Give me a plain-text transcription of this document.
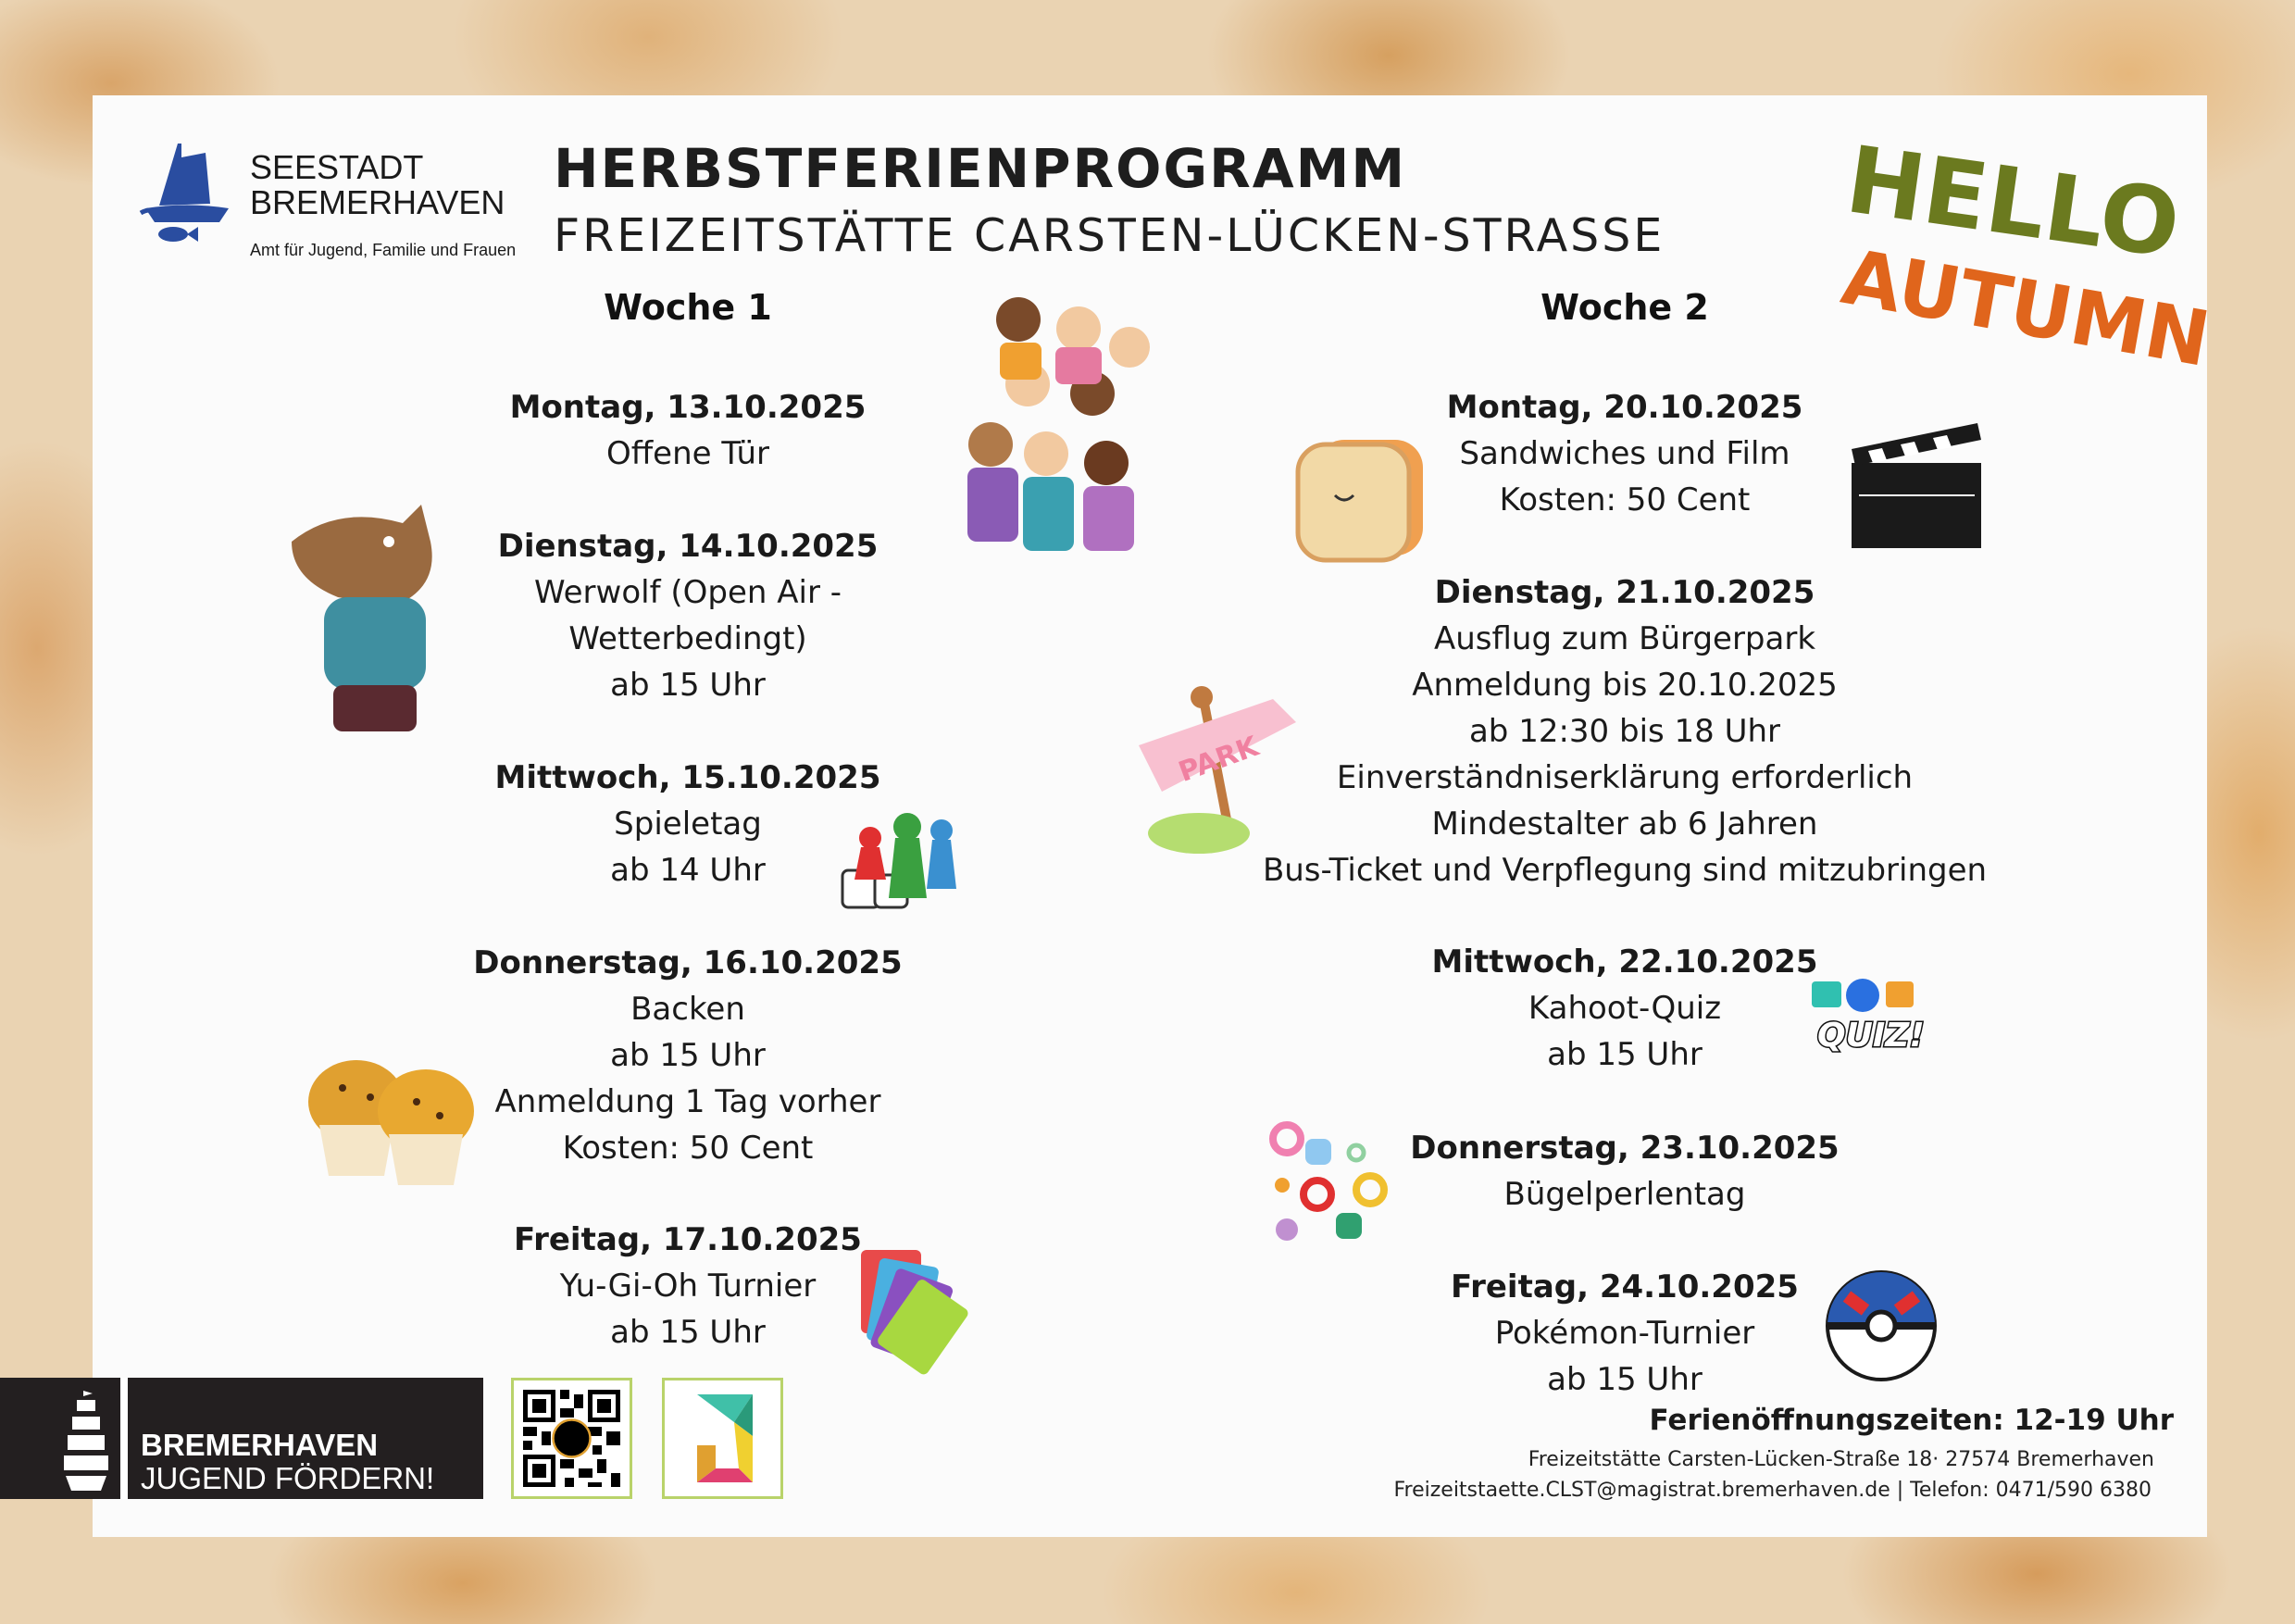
SEESTADT
BREMERHAVEN
Amt für Jugend, Familie und Frauen
HERBSTFERIENPROGRAMM
FREIZEITSTÄTTE CARSTEN-LÜCKEN-STRASSE HELLO
AUTUMN
Woche 1	Woche 2
PARK
QUIZ!
Montag, 13.10.2025
Offene Tür
Dienstag, 14.10.2025
Werwolf (Open Air -
Wetterbedingt)
ab 15 Uhr
Mittwoch, 15.10.2025
Spieletag
ab 14 Uhr
Donnerstag, 16.10.2025
Backen
ab 15 Uhr
Anmeldung 1 Tag vorher
Kosten: 50 Cent
Freitag, 17.10.2025
Yu-Gi-Oh Turnier
ab 15 Uhr
Montag, 20.10.2025
Sandwiches und Film
Kosten: 50 Cent
Dienstag, 21.10.2025
Ausflug zum Bürgerpark
Anmeldung bis 20.10.2025
ab 12:30 bis 18 Uhr
Einverständniserklärung erforderlich
Mindestalter ab 6 Jahren
Bus-Ticket und Verpflegung sind mitzubringen
Mittwoch, 22.10.2025
Kahoot-Quiz
ab 15 Uhr
Donnerstag, 23.10.2025
Bügelperlentag
Freitag, 24.10.2025
Pokémon-Turnier
ab 15 Uhr
Ferienöffnungszeiten: 12-19 Uhr
Freizeitstätte Carsten-Lücken-Straße 18· 27574 Bremerhaven
Freizeitstaette.CLST@magistrat.bremerhaven.de | Telefon: 0471/590 6380
BREMERHAVEN
JUGEND FÖRDERN!
